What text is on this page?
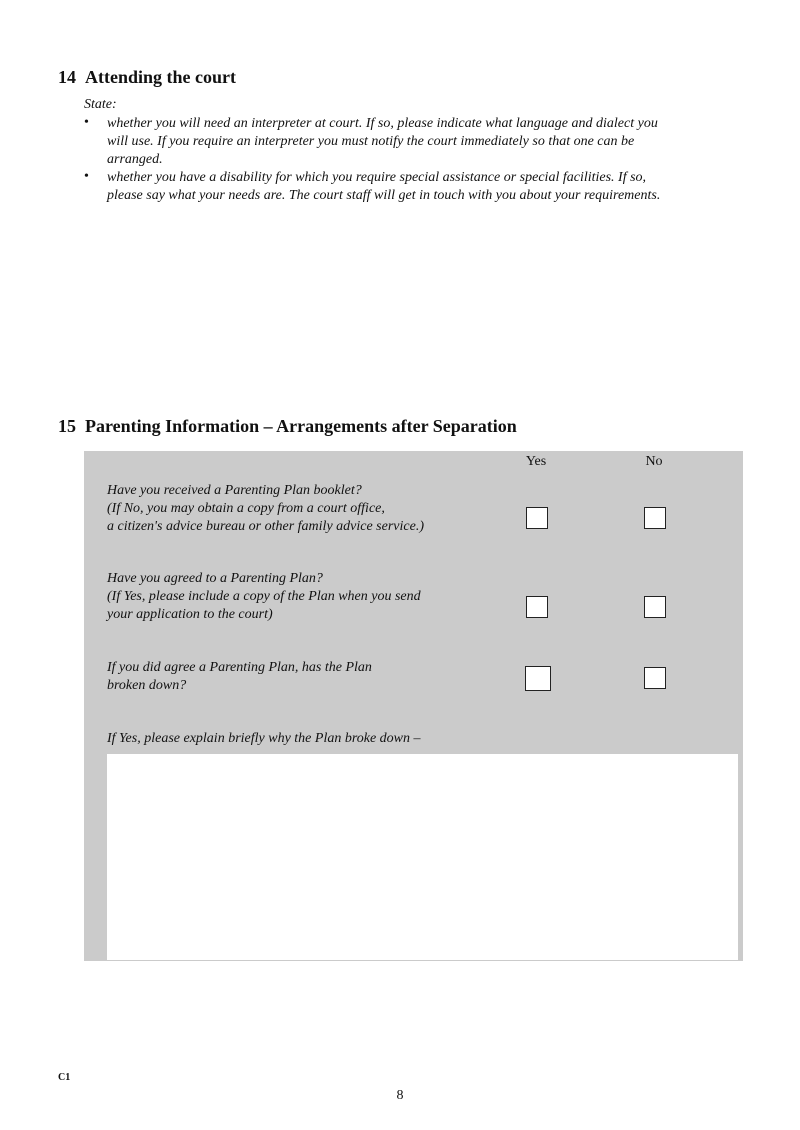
14 Attending the court
State:
• whether you will need an interpreter at court. If so, please indicate what language and dialect you
will use. If you require an interpreter you must notify the court immediately so that one can be
arranged.
• whether you have a disability for which you require special assistance or special facilities. If so,
please say what your needs are. The court staff will get in touch with you about your requirements.
15 Parenting Information – Arrangements after Separation
Yes	No
Have you received a Parenting Plan booklet?
(If No, you may obtain a copy from a court office,
a citizen's advice bureau or other family advice service.)
Have you agreed to a Parenting Plan?
(If Yes, please include a copy of the Plan when you send
your application to the court)
If you did agree a Parenting Plan, has the Plan
broken down?
If Yes, please explain briefly why the Plan broke down –
C1
8
